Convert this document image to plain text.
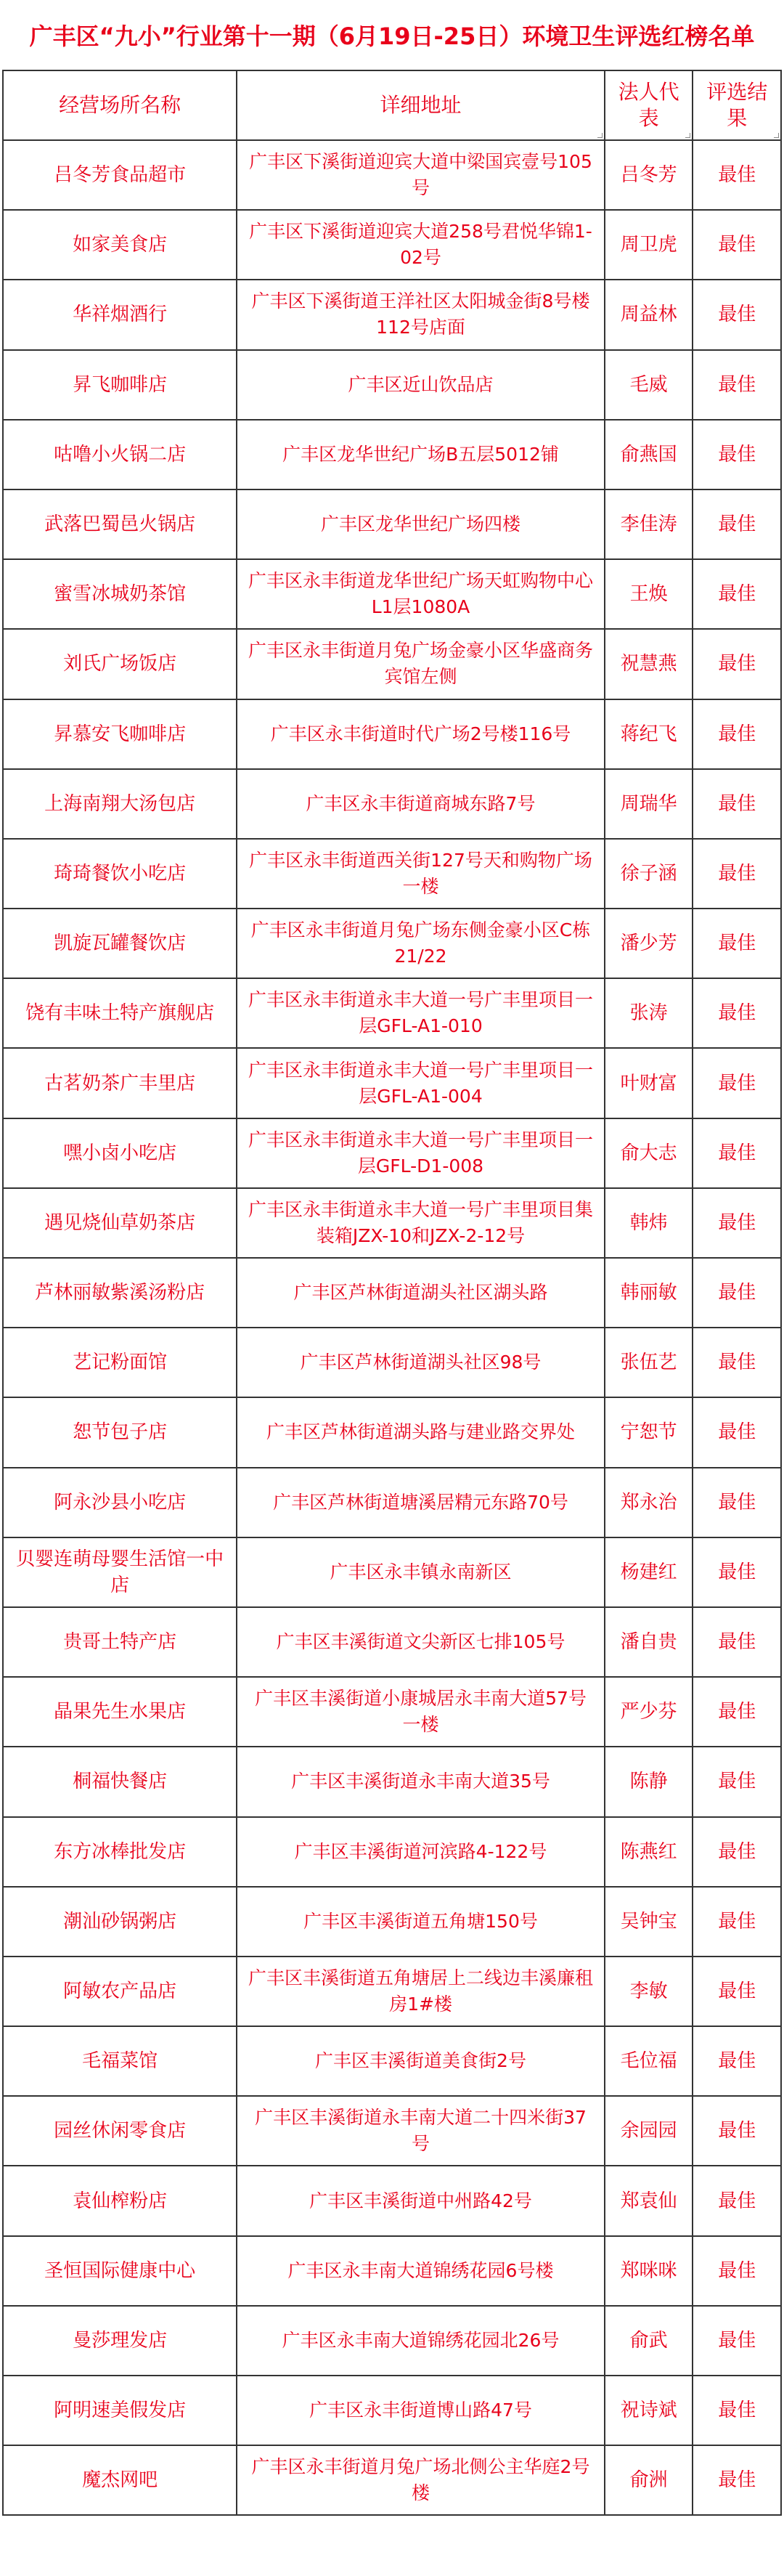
广丰区“九小”行业第十一期（6月19日-25日）环境卫生评选红榜名单
经营场所名称	详细地址	法人代表	评选结果
吕冬芳食品超市	广丰区下溪街道迎宾大道中梁国宾壹号105号	吕冬芳	最佳
如家美食店	广丰区下溪街道迎宾大道258号君悦华锦1-02号	周卫虎	最佳
华祥烟酒行	广丰区下溪街道王洋社区太阳城金街8号楼112号店面	周益林	最佳
昇飞咖啡店	广丰区近山饮品店	毛威	最佳
咕噜小火锅二店	广丰区龙华世纪广场B五层5012铺	俞燕国	最佳
武落巴蜀邑火锅店	广丰区龙华世纪广场四楼	李佳涛	最佳
蜜雪冰城奶茶馆	广丰区永丰街道龙华世纪广场天虹购物中心L1层1080A	王焕	最佳
刘氏广场饭店	广丰区永丰街道月兔广场金豪小区华盛商务宾馆左侧	祝慧燕	最佳
昇慕安飞咖啡店	广丰区永丰街道时代广场2号楼116号	蒋纪飞	最佳
上海南翔大汤包店	广丰区永丰街道商城东路7号	周瑞华	最佳
琦琦餐饮小吃店	广丰区永丰街道西关街127号天和购物广场一楼	徐子涵	最佳
凯旋瓦罐餐饮店	广丰区永丰街道月兔广场东侧金豪小区C栋21/22	潘少芳	最佳
饶有丰味土特产旗舰店	广丰区永丰街道永丰大道一号广丰里项目一层GFL-A1-010	张涛	最佳
古茗奶茶广丰里店	广丰区永丰街道永丰大道一号广丰里项目一层GFL-A1-004	叶财富	最佳
嘿小卤小吃店	广丰区永丰街道永丰大道一号广丰里项目一层GFL-D1-008	俞大志	最佳
遇见烧仙草奶茶店	广丰区永丰街道永丰大道一号广丰里项目集装箱JZX-10和JZX-2-12号	韩炜	最佳
芦林丽敏紫溪汤粉店	广丰区芦林街道湖头社区湖头路	韩丽敏	最佳
艺记粉面馆	广丰区芦林街道湖头社区98号	张伍艺	最佳
恕节包子店	广丰区芦林街道湖头路与建业路交界处	宁恕节	最佳
阿永沙县小吃店	广丰区芦林街道塘溪居精元东路70号	郑永治	最佳
贝婴连萌母婴生活馆一中店	广丰区永丰镇永南新区	杨建红	最佳
贵哥土特产店	广丰区丰溪街道文尖新区七排105号	潘自贵	最佳
晶果先生水果店	广丰区丰溪街道小康城居永丰南大道57号一楼	严少芬	最佳
桐福快餐店	广丰区丰溪街道永丰南大道35号	陈静	最佳
东方冰棒批发店	广丰区丰溪街道河滨路4-122号	陈燕红	最佳
潮汕砂锅粥店	广丰区丰溪街道五角塘150号	吴钟宝	最佳
阿敏农产品店	广丰区丰溪街道五角塘居上二线边丰溪廉租房1#楼	李敏	最佳
毛福菜馆	广丰区丰溪街道美食街2号	毛位福	最佳
园丝休闲零食店	广丰区丰溪街道永丰南大道二十四米街37号	余园园	最佳
袁仙榨粉店	广丰区丰溪街道中州路42号	郑袁仙	最佳
圣恒国际健康中心	广丰区永丰南大道锦绣花园6号楼	郑咪咪	最佳
曼莎理发店	广丰区永丰南大道锦绣花园北26号	俞武	最佳
阿明速美假发店	广丰区永丰街道博山路47号	祝诗斌	最佳
魔杰网吧	广丰区永丰街道月兔广场北侧公主华庭2号楼	俞洲	最佳
